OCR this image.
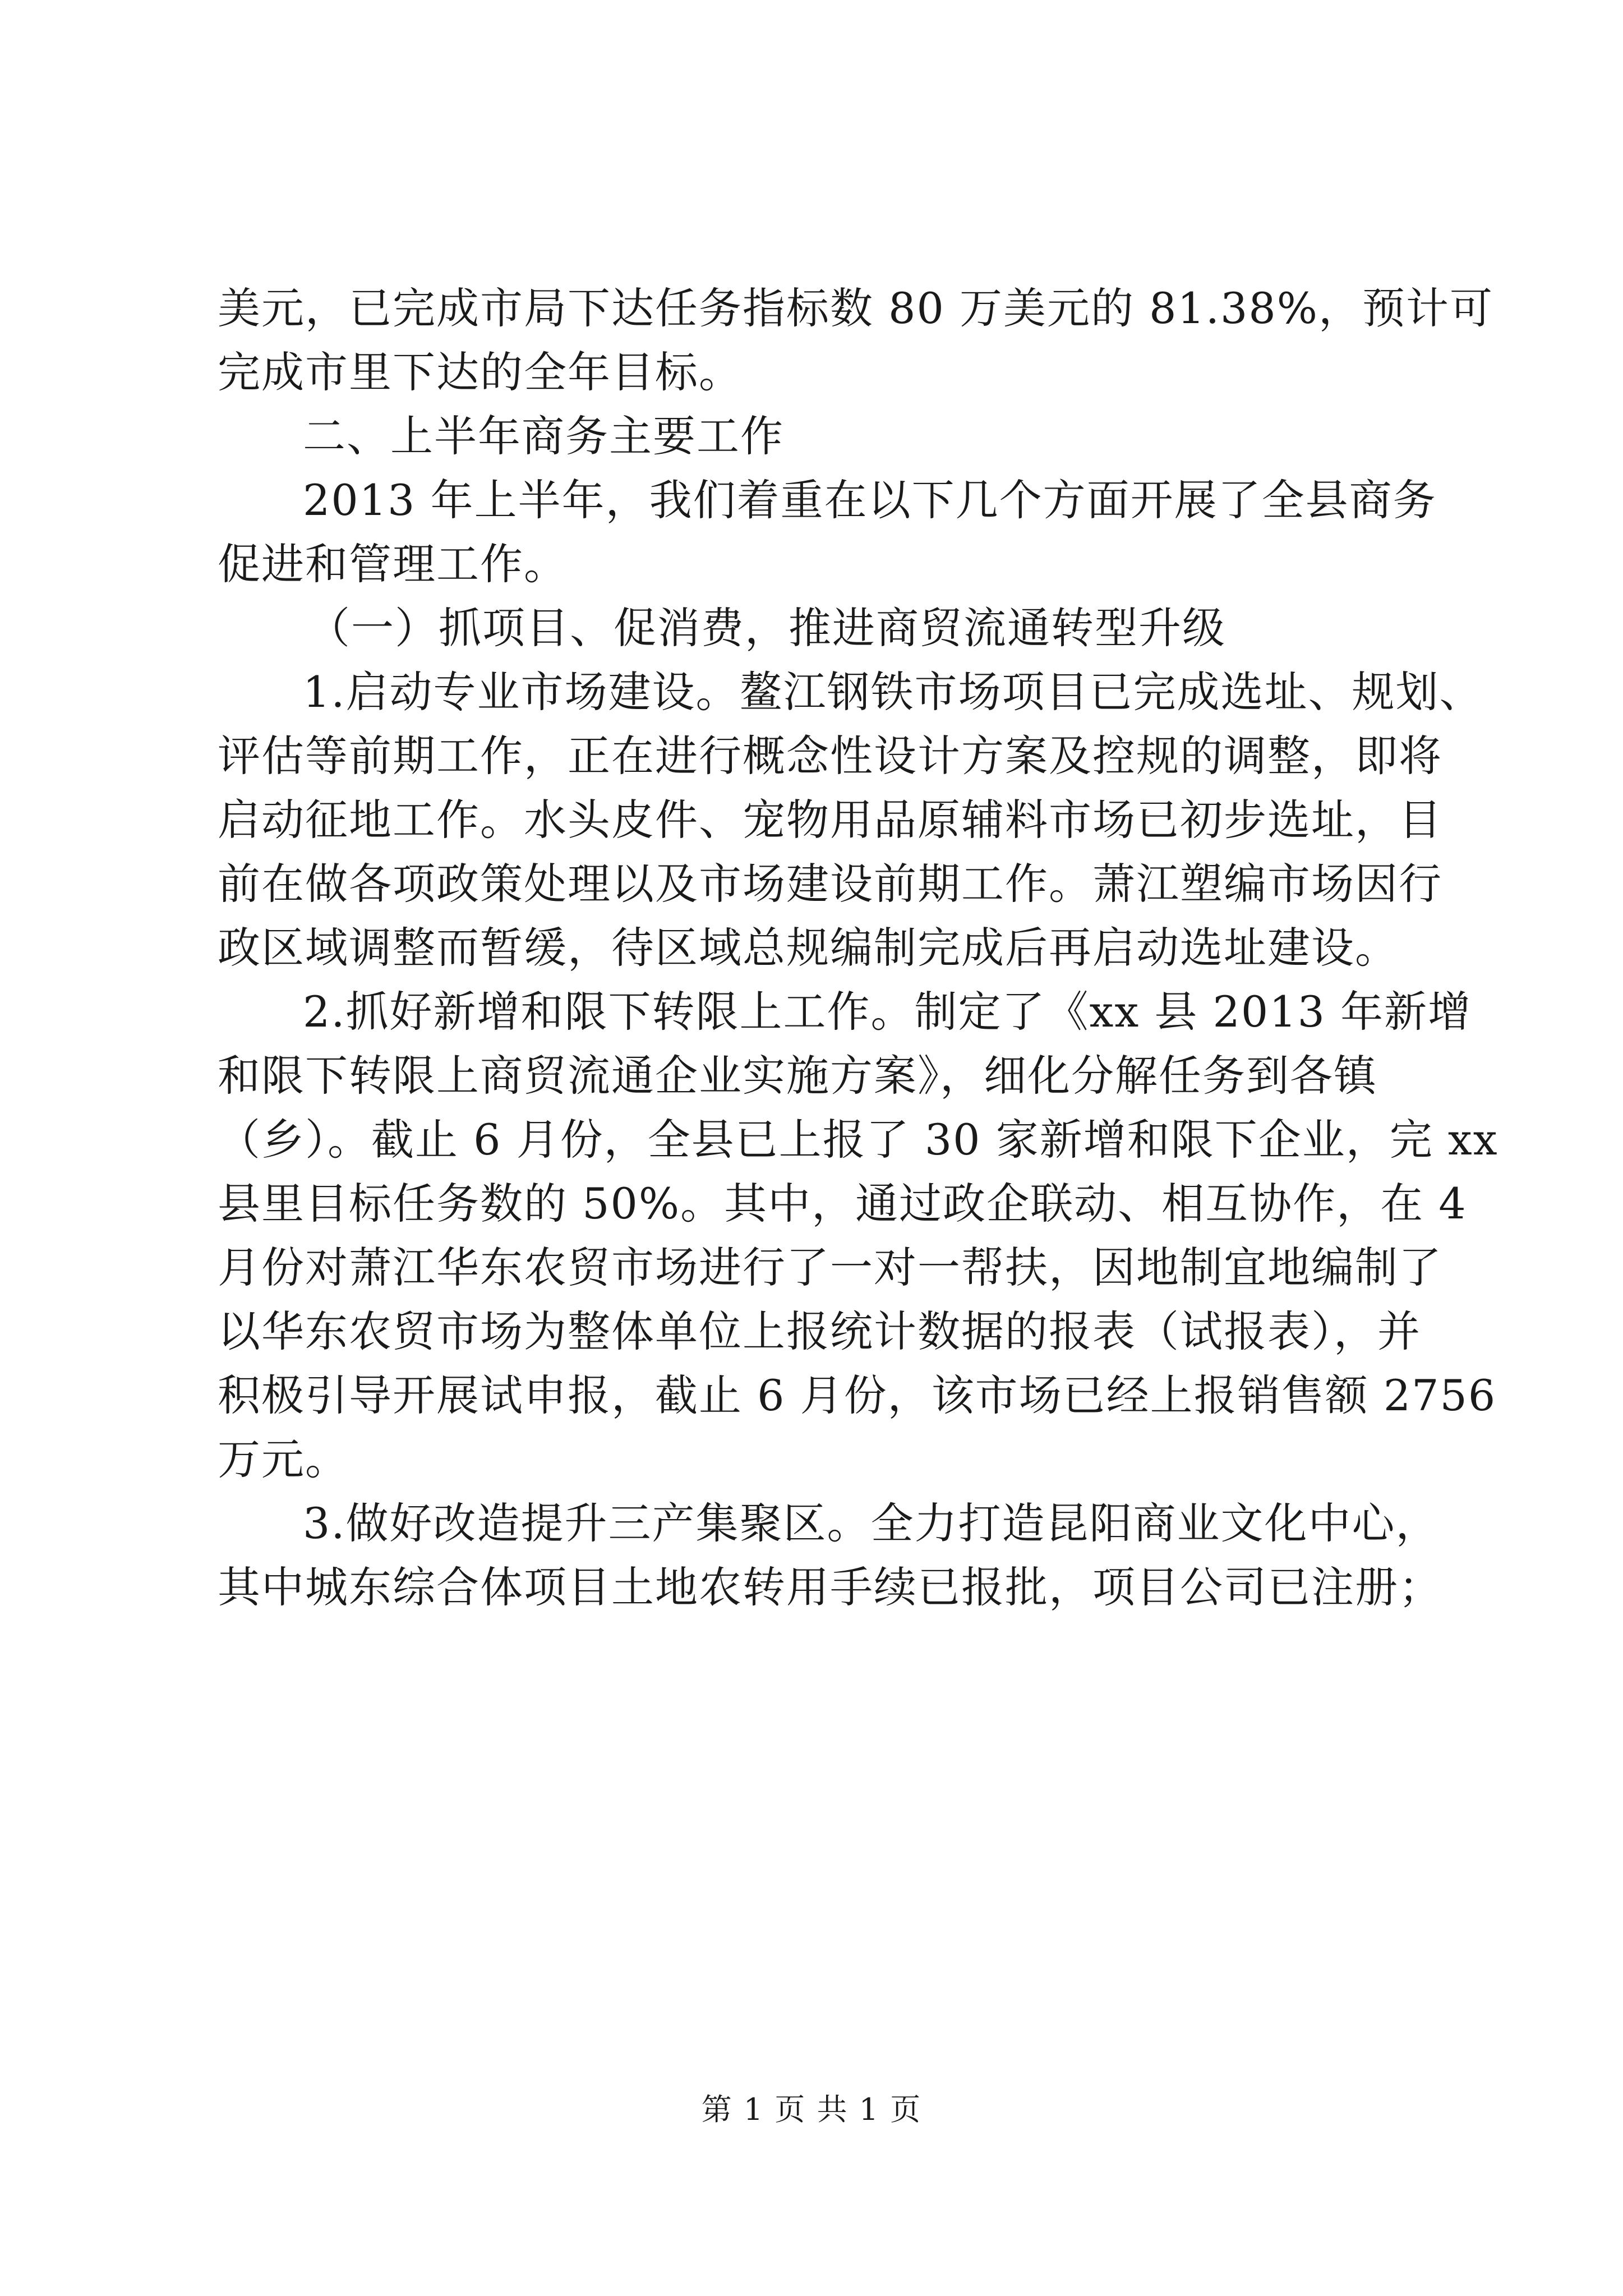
美元，已完成市局下达任务指标数 80 万美元的 81.38%，预计可

完成市里下达的全年目标。

二、上半年商务主要工作

2013 年上半年，我们着重在以下几个方面开展了全县商务

促进和管理工作。

（一）抓项目、促消费，推进商贸流通转型升级

1.启动专业市场建设。鳌江钢铁市场项目已完成选址、规划、

评估等前期工作，正在进行概念性设计方案及控规的调整，即将

启动征地工作。水头皮件、宠物用品原辅料市场已初步选址，目

前在做各项政策处理以及市场建设前期工作。萧江塑编市场因行

政区域调整而暂缓，待区域总规编制完成后再启动选址建设。

2.抓好新增和限下转限上工作。制定了《xx 县 2013 年新增

和限下转限上商贸流通企业实施方案》，细化分解任务到各镇

（乡）。截止 6 月份，全县已上报了 30 家新增和限下企业，完 xx

县里目标任务数的 50%。其中，通过政企联动、相互协作，在 4

月份对萧江华东农贸市场进行了一对一帮扶，因地制宜地编制了

以华东农贸市场为整体单位上报统计数据的报表（试报表），并

积极引导开展试申报，截止 6 月份，该市场已经上报销售额 2756

万元。

3.做好改造提升三产集聚区。全力打造昆阳商业文化中心，

其中城东综合体项目土地农转用手续已报批，项目公司已注册；

第 1 页 共 1 页
